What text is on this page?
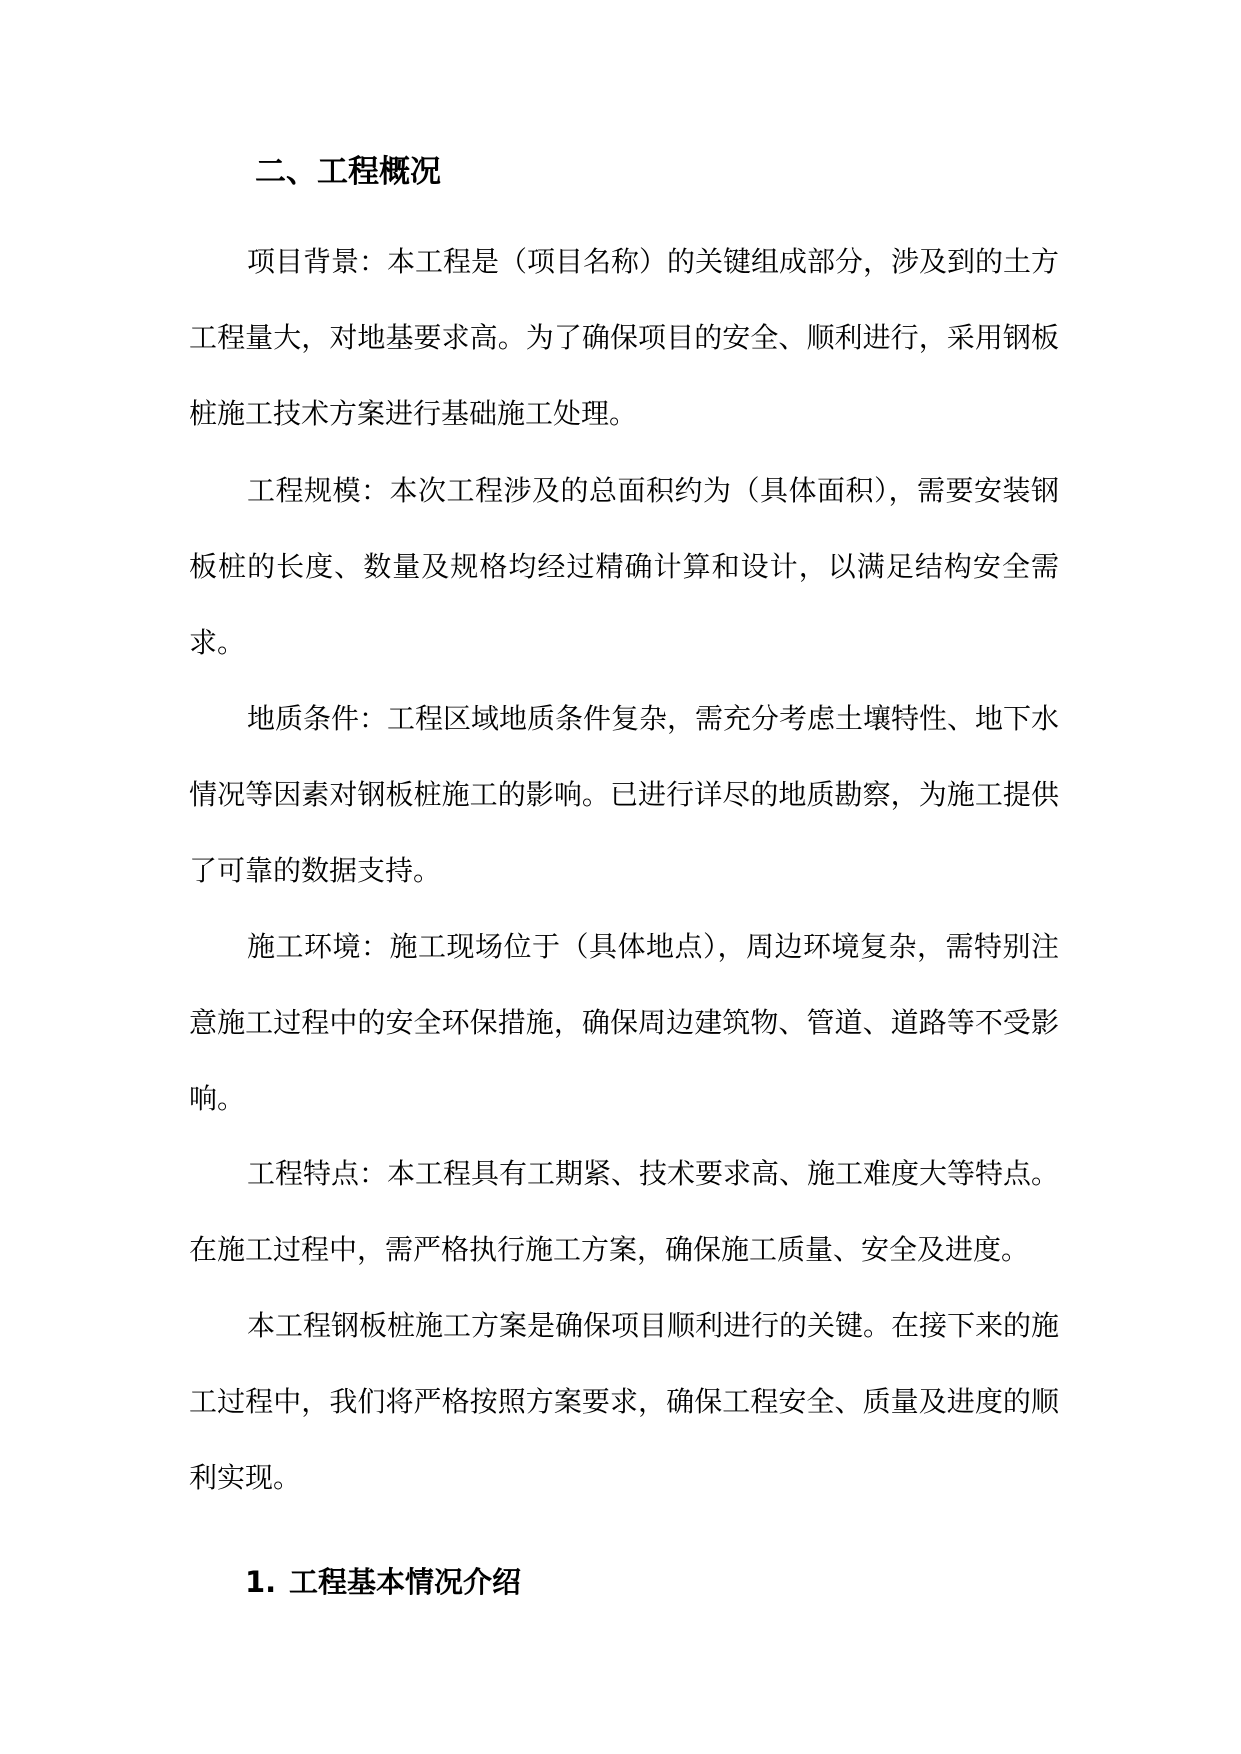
二、工程概况

项目背景：本工程是（项目名称）的关键组成部分，涉及到的土方工程量大，对地基要求高。为了确保项目的安全、顺利进行，采用钢板桩施工技术方案进行基础施工处理。

工程规模：本次工程涉及的总面积约为（具体面积），需要安装钢板桩的长度、数量及规格均经过精确计算和设计，以满足结构安全需求。

地质条件：工程区域地质条件复杂，需充分考虑土壤特性、地下水情况等因素对钢板桩施工的影响。已进行详尽的地质勘察，为施工提供了可靠的数据支持。

施工环境：施工现场位于（具体地点），周边环境复杂，需特别注意施工过程中的安全环保措施，确保周边建筑物、管道、道路等不受影响。

工程特点：本工程具有工期紧、技术要求高、施工难度大等特点。在施工过程中，需严格执行施工方案，确保施工质量、安全及进度。

本工程钢板桩施工方案是确保项目顺利进行的关键。在接下来的施工过程中，我们将严格按照方案要求，确保工程安全、质量及进度的顺利实现。

1. 工程基本情况介绍
